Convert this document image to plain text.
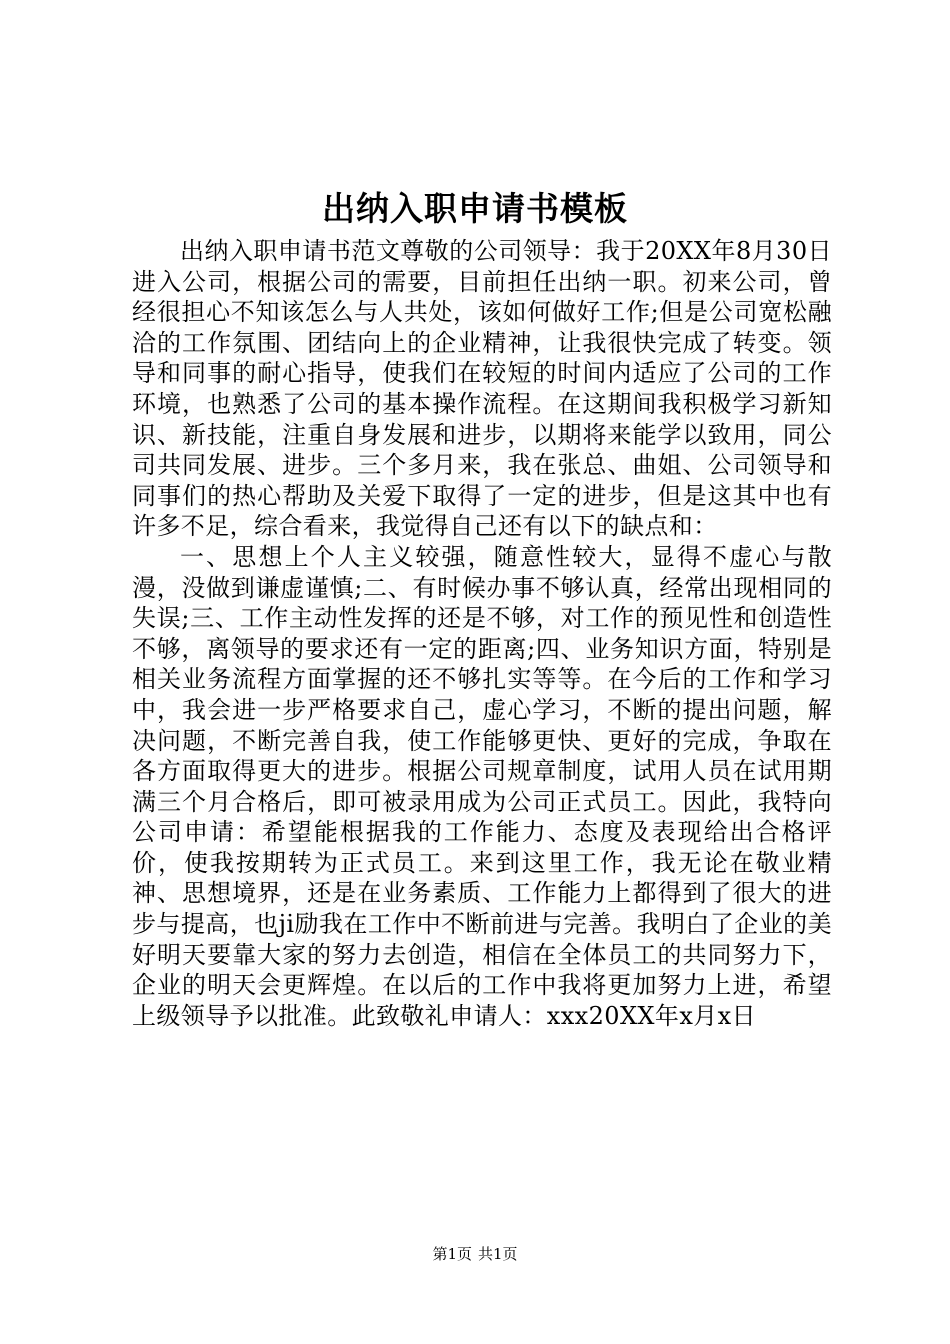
出纳入职申请书模板

出纳入职申请书范文尊敬的公司领导：我于20XX年8月30日进入公司，根据公司的需要，目前担任出纳一职。初来公司，曾经很担心不知该怎么与人共处，该如何做好工作;但是公司宽松融洽的工作氛围、团结向上的企业精神，让我很快完成了转变。领导和同事的耐心指导，使我们在较短的时间内适应了公司的工作环境，也熟悉了公司的基本操作流程。在这期间我积极学习新知识、新技能，注重自身发展和进步，以期将来能学以致用，同公司共同发展、进步。三个多月来，我在张总、曲姐、公司领导和同事们的热心帮助及关爱下取得了一定的进步，但是这其中也有许多不足，综合看来，我觉得自己还有以下的缺点和：

一、思想上个人主义较强，随意性较大，显得不虚心与散漫，没做到谦虚谨慎;二、有时候办事不够认真，经常出现相同的失误;三、工作主动性发挥的还是不够，对工作的预见性和创造性不够，离领导的要求还有一定的距离;四、业务知识方面，特别是相关业务流程方面掌握的还不够扎实等等。在今后的工作和学习中，我会进一步严格要求自己，虚心学习，不断的提出问题，解决问题，不断完善自我，使工作能够更快、更好的完成，争取在各方面取得更大的进步。根据公司规章制度，试用人员在试用期满三个月合格后，即可被录用成为公司正式员工。因此，我特向公司申请：希望能根据我的工作能力、态度及表现给出合格评价，使我按期转为正式员工。来到这里工作，我无论在敬业精神、思想境界，还是在业务素质、工作能力上都得到了很大的进步与提高，也ji励我在工作中不断前进与完善。我明白了企业的美好明天要靠大家的努力去创造，相信在全体员工的共同努力下，企业的明天会更辉煌。在以后的工作中我将更加努力上进，希望上级领导予以批准。此致敬礼申请人：xxx20XX年x月x日

第1页 共1页
